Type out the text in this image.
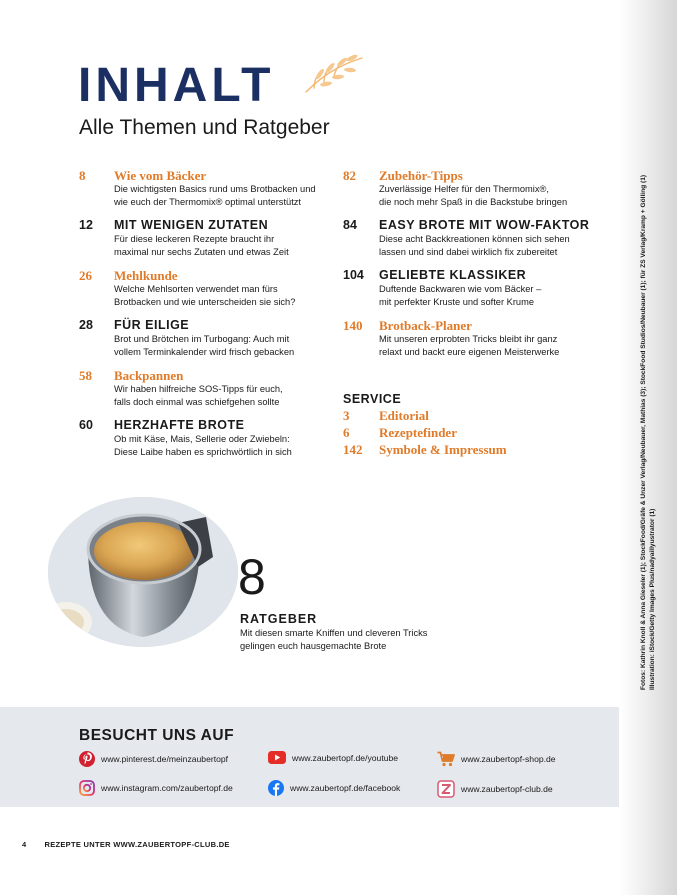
INHALT
Alle Themen und Ratgeber
8 Wie vom Bäcker
Die wichtigsten Basics rund ums Brotbacken und
wie euch der Thermomix® optimal unterstützt
12 MIT WENIGEN ZUTATEN
Für diese leckeren Rezepte braucht ihr
maximal nur sechs Zutaten und etwas Zeit
26 Mehlkunde
Welche Mehlsorten verwendet man fürs
Brotbacken und wie unterscheiden sie sich?
28 FÜR EILIGE
Brot und Brötchen im Turbogang: Auch mit
vollem Terminkalender wird frisch gebacken
58 Backpannen
Wir haben hilfreiche SOS-Tipps für euch,
falls doch einmal was schiefgehen sollte
60 HERZHAFTE BROTE
Ob mit Käse, Mais, Sellerie oder Zwiebeln:
Diese Laibe haben es sprichwörtlich in sich
82 Zubehör-Tipps
Zuverlässige Helfer für den Thermomix®,
die noch mehr Spaß in die Backstube bringen
84 EASY BROTE MIT WOW-FAKTOR
Diese acht Backkreationen können sich sehen
lassen und sind dabei wirklich fix zubereitet
104 GELIEBTE KLASSIKER
Duftende Backwaren wie vom Bäcker –
mit perfekter Kruste und softer Krume
140 Brotback-Planer
Mit unseren erprobten Tricks bleibt ihr ganz
relaxt und backt eure eigenen Meisterwerke
SERVICE
3 Editorial
6 Rezeptefinder
142 Symbole & Impressum
8
RATGEBER
Mit diesen smarte Kniffen und cleveren Tricks
gelingen euch hausgemachte Brote	Fotos: Kathrin Knoll & Anna Gieseler (1); StockFood/Gräfe & Unzer Verlag/Neubauer, Mathias (3); StockFood Studios/Neubauer (1); für ZS Verlag/Kramp + Gölling (1) Illustration: iStock/Getty Images Plus/nadyaillyustrator (1)
BESUCHT UNS AUF
www.pinterest.de/meinzaubertopf	www.zaubertopf.de/youtube	www.zaubertopf-shop.de
www.instagram.com/zaubertopf.de	www.zaubertopf.de/facebook	www.zaubertopf-club.de
4 REZEPTE UNTER WWW.ZAUBERTOPF-CLUB.DE
